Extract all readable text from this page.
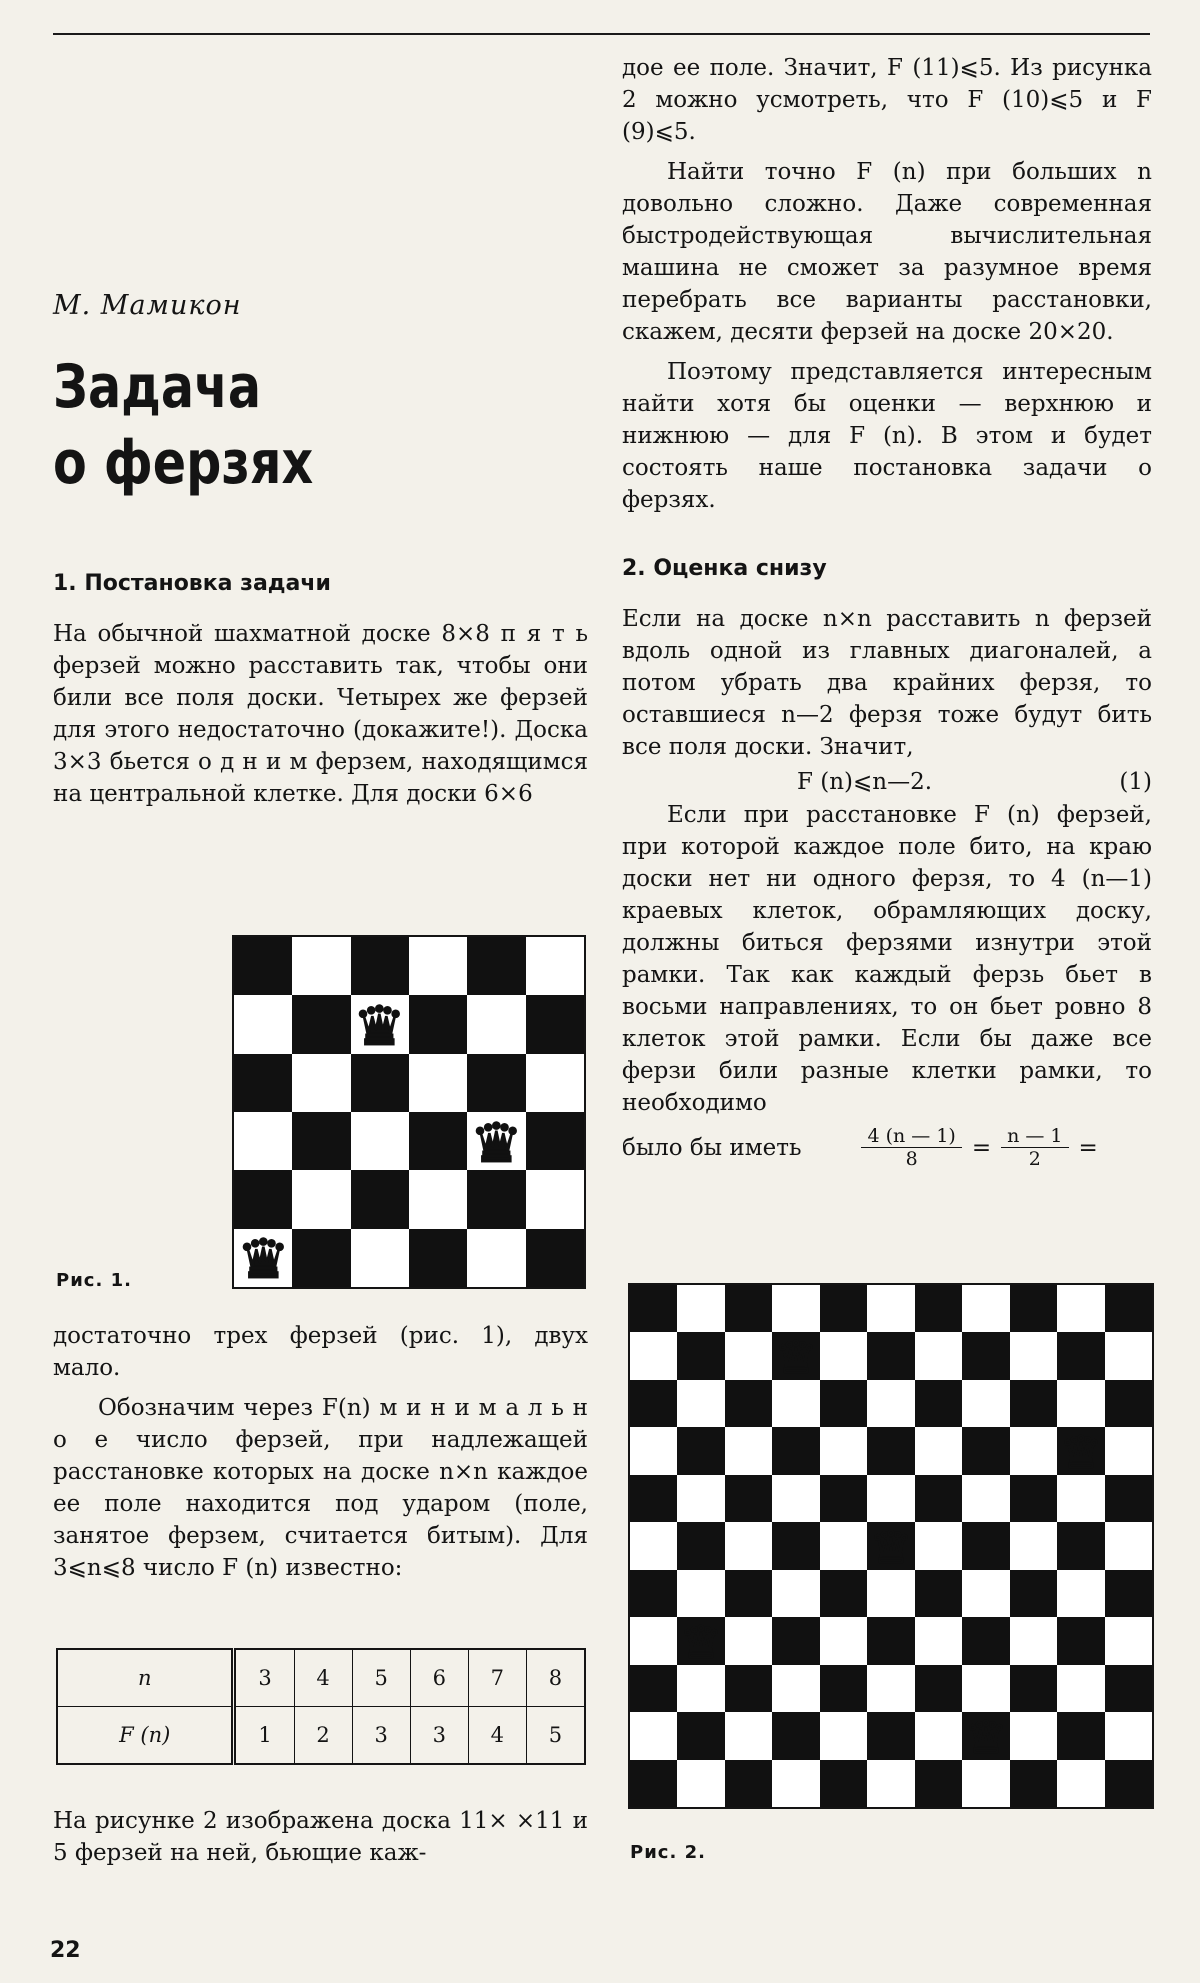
М. Мамикон
Задача
о ферзях
1. Постановка задачи

На обычной шахматной доске 8×8 п я т ь ферзей можно расставить так, чтобы они били все поля доски. Четырех же ферзей для этого недостаточно (докажите!). Доска 3×3 бьется о д н и м ферзем, находящимся на центральной клетке. Для доски 6×6

Рис. 1.

достаточно трех ферзей (рис. 1), двух мало.

Обозначим через F(n) м и н и м а л ь н о е число ферзей, при надлежащей расстановке которых на доске n×n каждое ее поле находится под ударом (поле, занятое ферзем, считается битым). Для 3⩽n⩽8 число F (n) известно:

n	3	4	5	6	7	8
F (n)	1	2	3	3	4	5

На рисунке 2 изображена доска 11× ×11 и 5 ферзей на ней, бьющие каж-

дое ее поле. Значит, F (11)⩽5. Из рисунка 2 можно усмотреть, что F (10)⩽5 и F (9)⩽5.

Найти точно F (n) при больших n довольно сложно. Даже современная быстродействующая вычислительная машина не сможет за разумное время перебрать все варианты расстановки, скажем, десяти ферзей на доске 20×20.

Поэтому представляется интересным найти хотя бы оценки — верхнюю и нижнюю — для F (n). В этом и будет состоять наше постановка задачи о ферзях.

2. Оценка снизу

Если на доске n×n расставить n ферзей вдоль одной из главных диагоналей, а потом убрать два крайних ферзя, то оставшиеся n—2 ферзя тоже будут бить все поля доски. Значит,

F (n)⩽n—2.	(1)

Если при расстановке F (n) ферзей, при которой каждое поле бито, на краю доски нет ни одного ферзя, то 4 (n—1) краевых клеток, обрамляющих доску, должны биться ферзями изнутри этой рамки. Так как каждый ферзь бьет в восьми направлениях, то он бьет ровно 8 клеток этой рамки. Если бы даже все ферзи били разные клетки рамки, то необходимо

было бы иметь	$\frac{4 (n — 1)}{8} = \frac{n — 1}{2}$ =
Рис. 2.
22
